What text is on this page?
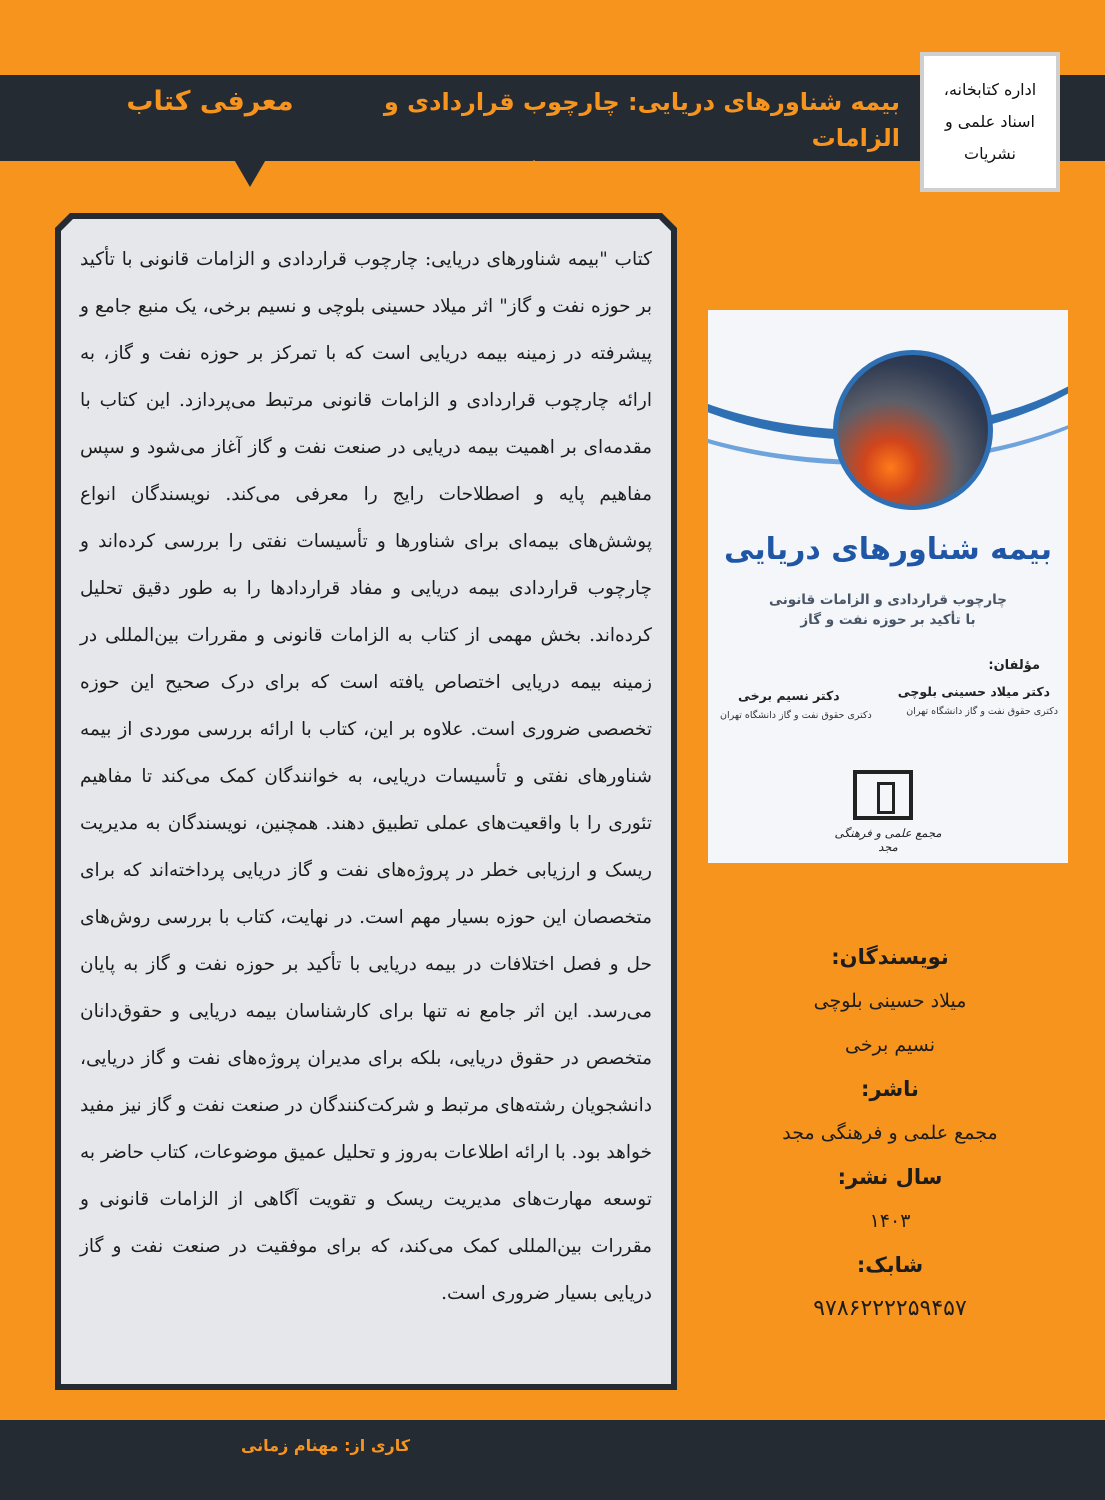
معرفی کتاب	بیمه شناورهای دریایی: چارچوب قراردادی و الزامات
قانونی با تاکید بر حوزه نفت و گاز
اداره کتابخانه، اسناد علمی و نشریات
کتاب "بیمه شناورهای دریایی: چارچوب قراردادی و الزامات قانونی با تأکید بر حوزه نفت و گاز" اثر میلاد حسینی بلوچی و نسیم برخی، یک منبع جامع و پیشرفته در زمینه بیمه دریایی است که با تمرکز بر حوزه نفت و گاز، به ارائه چارچوب قراردادی و الزامات قانونی مرتبط می‌پردازد. این کتاب با مقدمه‌ای بر اهمیت بیمه دریایی در صنعت نفت و گاز آغاز می‌شود و سپس مفاهیم پایه و اصطلاحات رایج را معرفی می‌کند. نویسندگان انواع پوشش‌های بیمه‌ای برای شناورها و تأسیسات نفتی را بررسی کرده‌اند و چارچوب قراردادی بیمه دریایی و مفاد قراردادها را به طور دقیق تحلیل کرده‌اند. بخش مهمی از کتاب به الزامات قانونی و مقررات بین‌المللی در زمینه بیمه دریایی اختصاص یافته است که برای درک صحیح این حوزه تخصصی ضروری است. علاوه بر این، کتاب با ارائه بررسی موردی از بیمه شناورهای نفتی و تأسیسات دریایی، به خوانندگان کمک می‌کند تا مفاهیم تئوری را با واقعیت‌های عملی تطبیق دهند. همچنین، نویسندگان به مدیریت ریسک و ارزیابی خطر در پروژه‌های نفت و گاز دریایی پرداخته‌اند که برای متخصصان این حوزه بسیار مهم است. در نهایت، کتاب با بررسی روش‌های حل و فصل اختلافات در بیمه دریایی با تأکید بر حوزه نفت و گاز به پایان می‌رسد. این اثر جامع نه تنها برای کارشناسان بیمه دریایی و حقوق‌دانان متخصص در حقوق دریایی، بلکه برای مدیران پروژه‌های نفت و گاز دریایی، دانشجویان رشته‌های مرتبط و شرکت‌کنندگان در صنعت نفت و گاز نیز مفید خواهد بود. با ارائه اطلاعات به‌روز و تحلیل عمیق موضوعات، کتاب حاضر به توسعه مهارت‌های مدیریت ریسک و تقویت آگاهی از الزامات قانونی و مقررات بین‌المللی کمک می‌کند، که برای موفقیت در صنعت نفت و گاز دریایی بسیار ضروری است.
بیمه شناورهای دریایی
چارچوب قراردادی و الزامات قانونی
با تأکید بر حوزه نفت و گاز
مؤلفان:
دکتر میلاد حسینی بلوچی
دکتری حقوق نفت و گاز دانشگاه تهران
دکتر نسیم برخی
دکتری حقوق نفت و گاز دانشگاه تهران
مجمع علمی و فرهنگی مجد
نویسندگان:
میلاد حسینی بلوچی
نسیم برخی
ناشر:
مجمع علمی و فرهنگی مجد
سال نشر:
۱۴۰۳
شابک:
۹۷۸۶۲۲۲۲۵۹۴۵۷
کاری از: مهنام زمانی
